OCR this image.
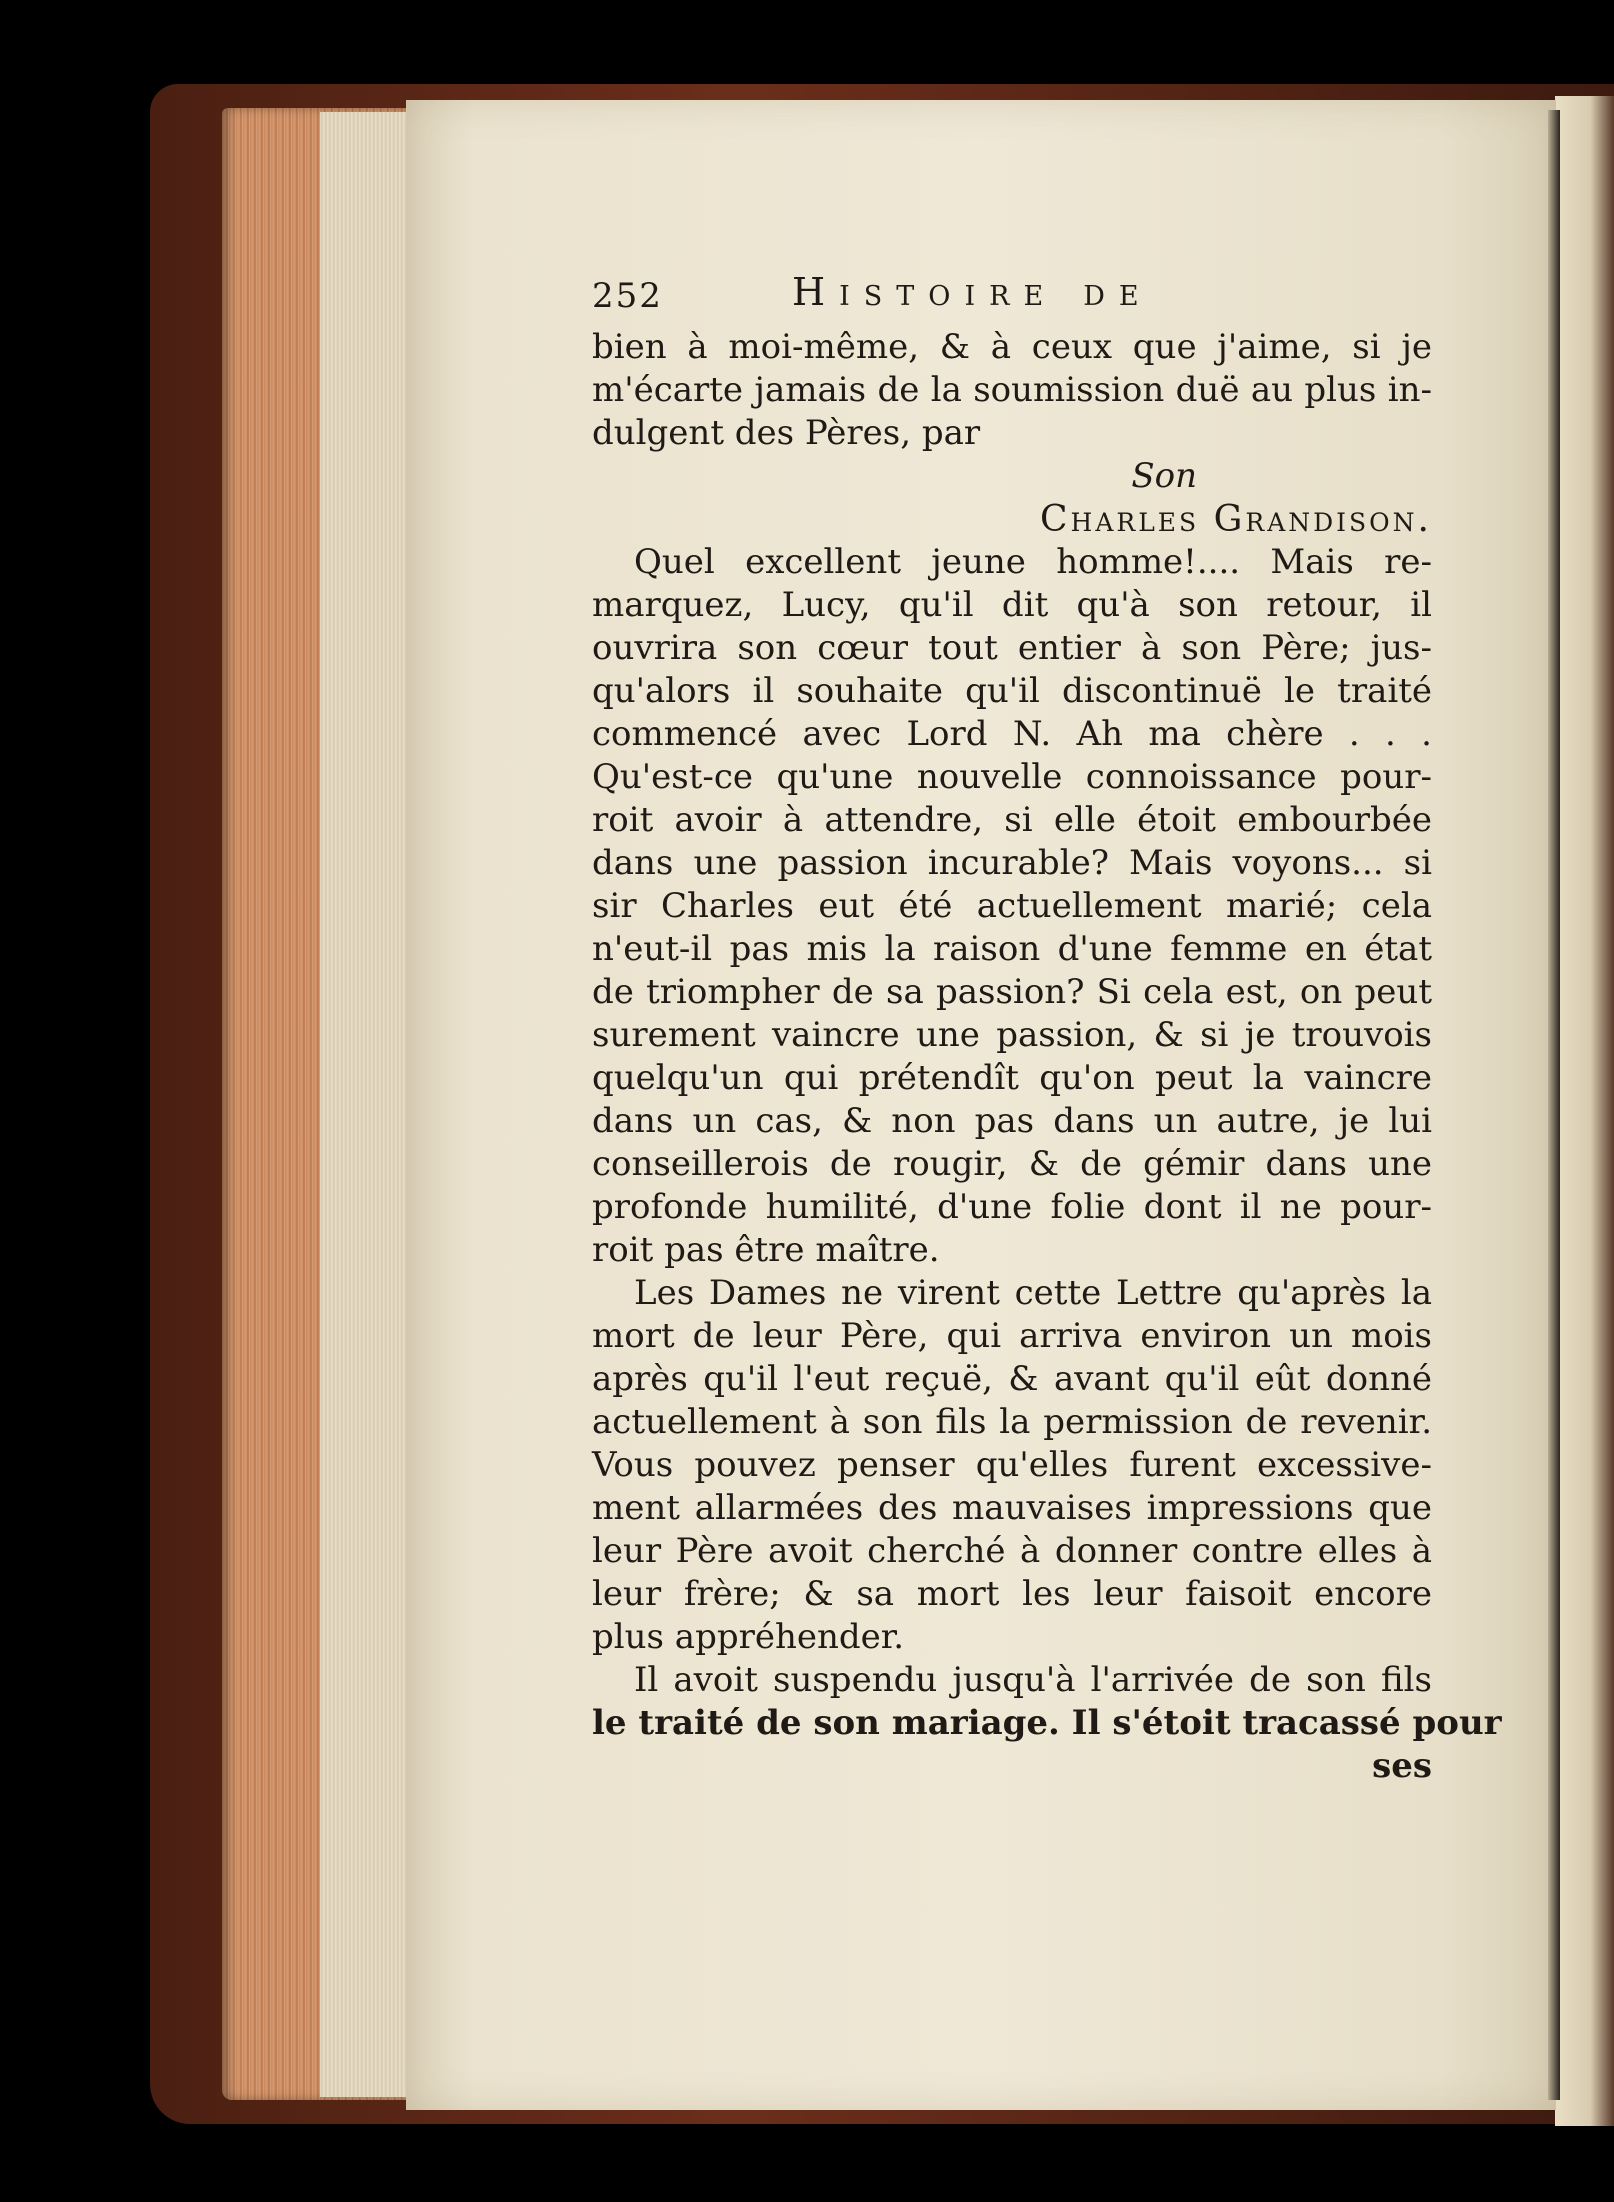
252	Histoire de
bien à moi-même, & à ceux que j'aime, si je
m'écarte jamais de la soumission duë au plus in-
dulgent des Pères, par
Son
Charles Grandison.
Quel excellent jeune homme!.... Mais re-
marquez, Lucy, qu'il dit qu'à son retour, il
ouvrira son cœur tout entier à son Père; jus-
qu'alors il souhaite qu'il discontinuë le traité
commencé avec Lord N. Ah ma chère . . .
Qu'est-ce qu'une nouvelle connoissance pour-
roit avoir à attendre, si elle étoit embourbée
dans une passion incurable? Mais voyons... si
sir Charles eut été actuellement marié; cela
n'eut-il pas mis la raison d'une femme en état
de triompher de sa passion? Si cela est, on peut
surement vaincre une passion, & si je trouvois
quelqu'un qui prétendît qu'on peut la vaincre
dans un cas, & non pas dans un autre, je lui
conseillerois de rougir, & de gémir dans une
profonde humilité, d'une folie dont il ne pour-
roit pas être maître.
Les Dames ne virent cette Lettre qu'après la
mort de leur Père, qui arriva environ un mois
après qu'il l'eut reçuë, & avant qu'il eût donné
actuellement à son fils la permission de revenir.
Vous pouvez penser qu'elles furent excessive-
ment allarmées des mauvaises impressions que
leur Père avoit cherché à donner contre elles à
leur frère; & sa mort les leur faisoit encore
plus appréhender.
Il avoit suspendu jusqu'à l'arrivée de son fils
le traité de son mariage. Il s'étoit tracassé pour
ses
